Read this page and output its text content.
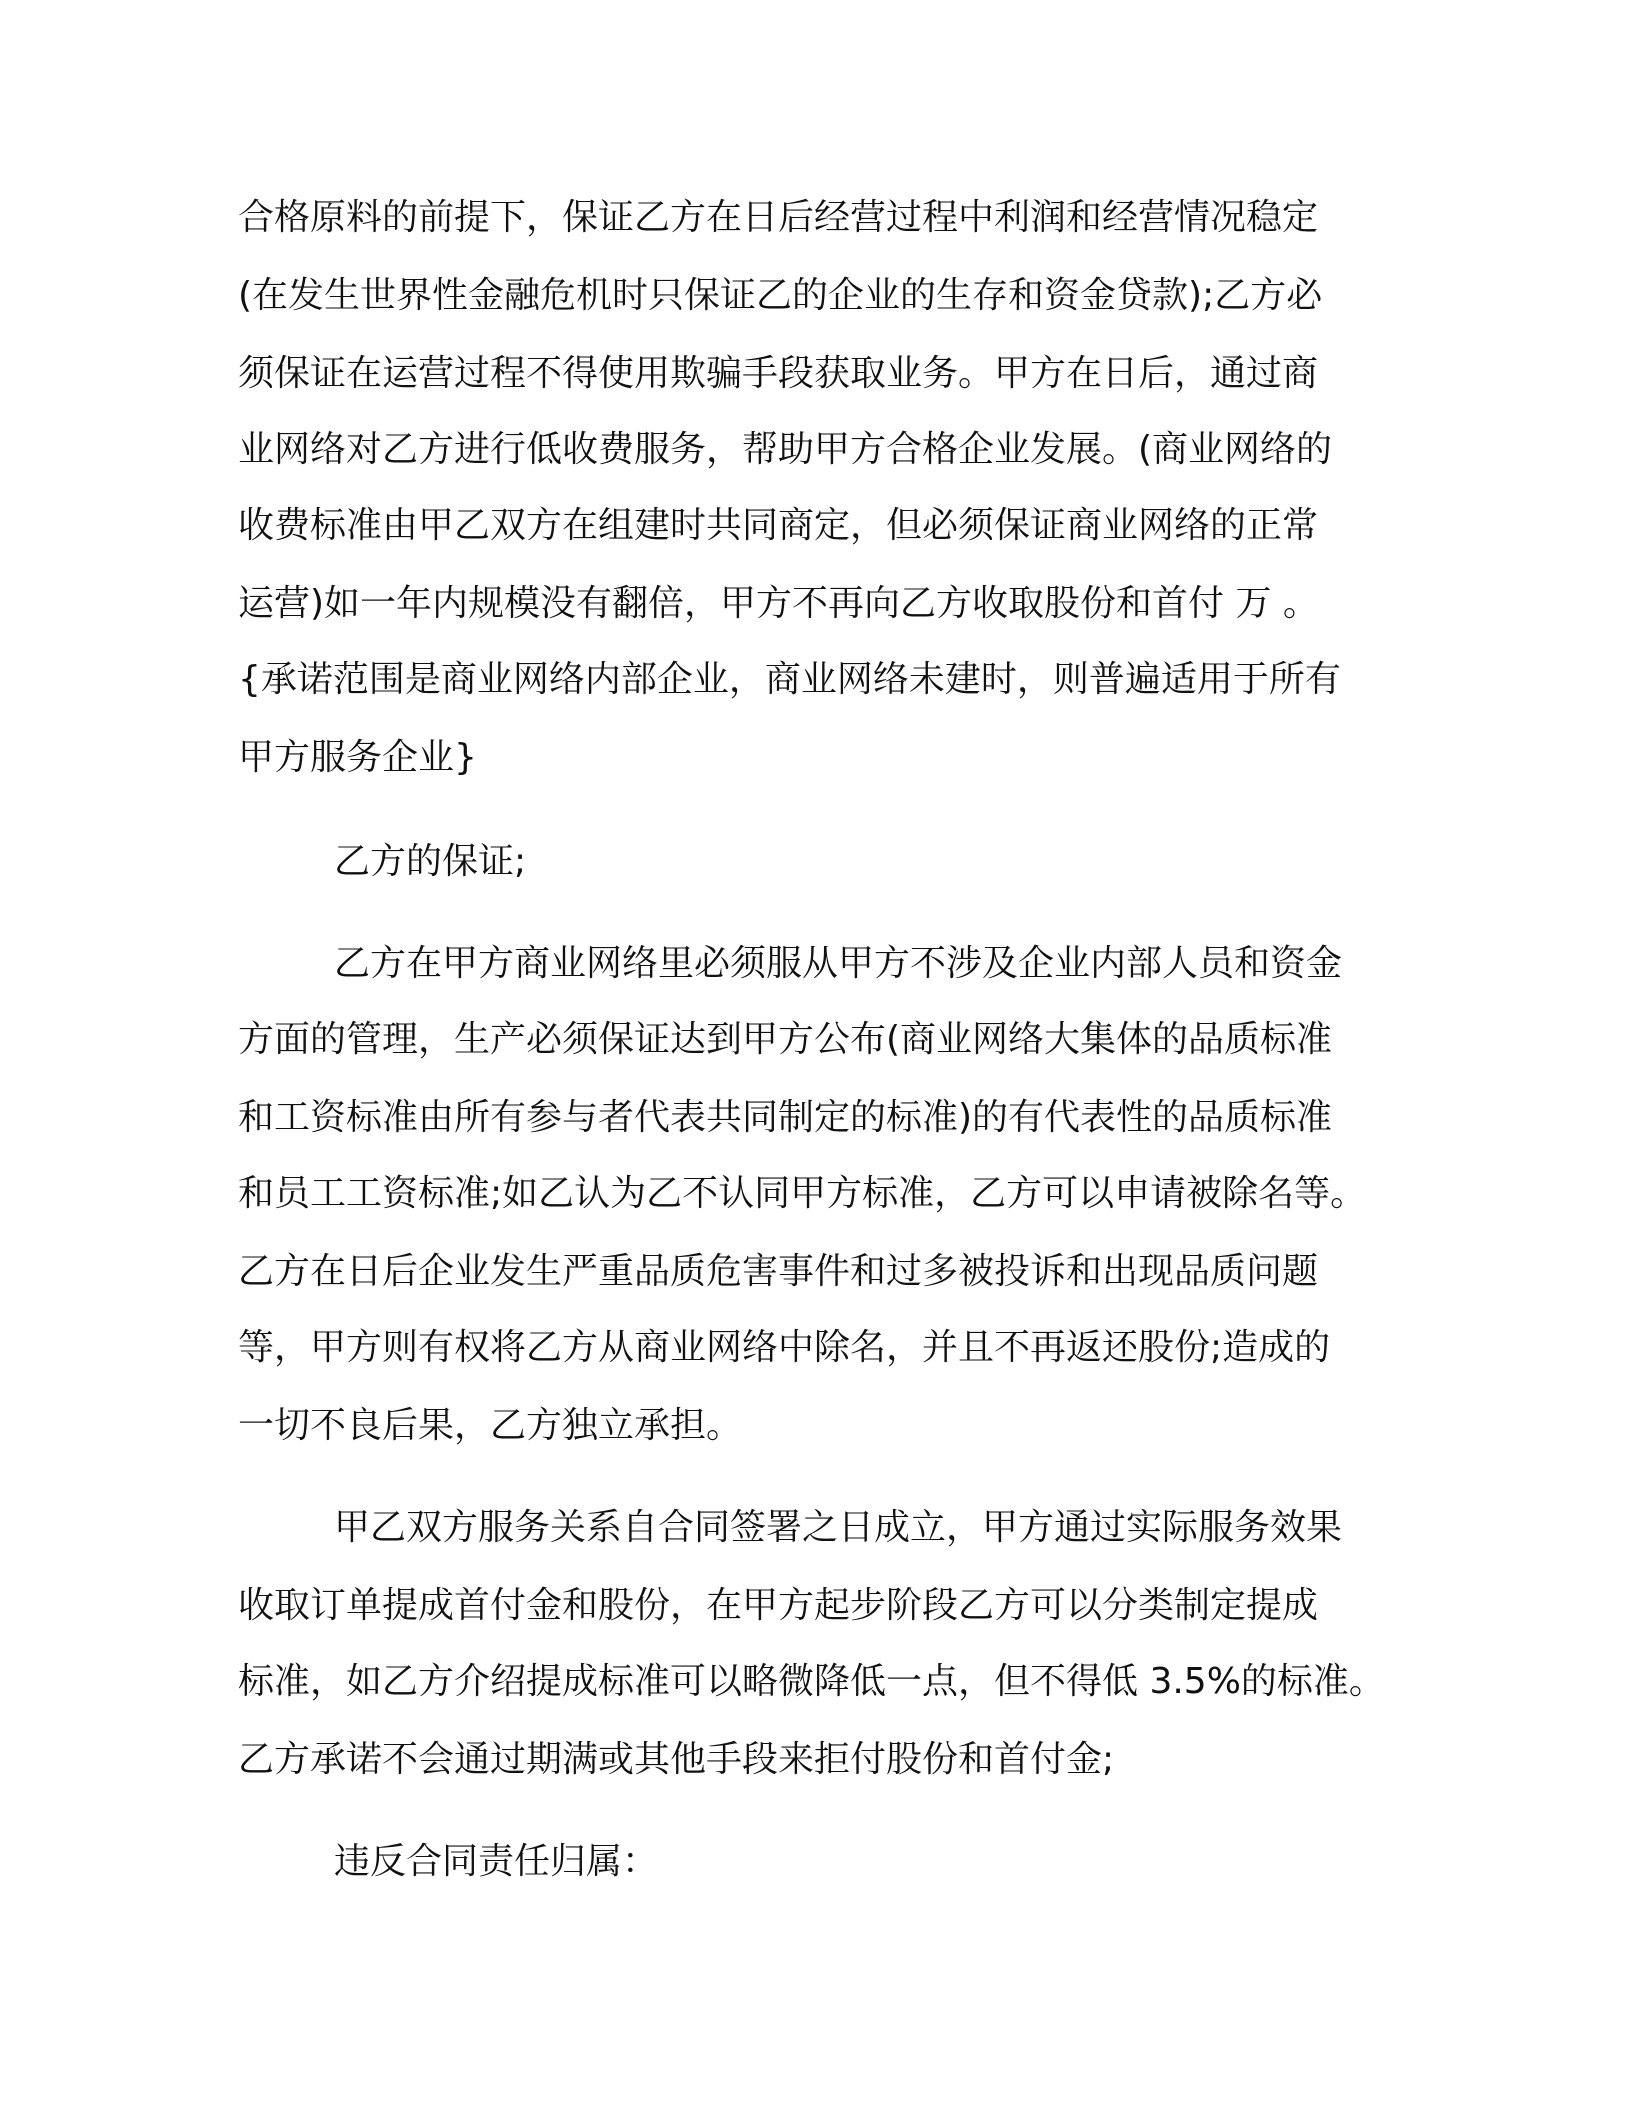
合格原料的前提下，保证乙方在日后经营过程中利润和经营情况稳定
(在发生世界性金融危机时只保证乙的企业的生存和资金贷款);乙方必
须保证在运营过程不得使用欺骗手段获取业务。甲方在日后，通过商
业网络对乙方进行低收费服务，帮助甲方合格企业发展。(商业网络的
收费标准由甲乙双方在组建时共同商定，但必须保证商业网络的正常
运营)如一年内规模没有翻倍，甲方不再向乙方收取股份和首付 万 。
{承诺范围是商业网络内部企业，商业网络未建时，则普遍适用于所有
甲方服务企业}
乙方的保证;
乙方在甲方商业网络里必须服从甲方不涉及企业内部人员和资金
方面的管理，生产必须保证达到甲方公布(商业网络大集体的品质标准
和工资标准由所有参与者代表共同制定的标准)的有代表性的品质标准
和员工工资标准;如乙认为乙不认同甲方标准，乙方可以申请被除名等。
乙方在日后企业发生严重品质危害事件和过多被投诉和出现品质问题
等，甲方则有权将乙方从商业网络中除名，并且不再返还股份;造成的
一切不良后果，乙方独立承担。
甲乙双方服务关系自合同签署之日成立，甲方通过实际服务效果
收取订单提成首付金和股份，在甲方起步阶段乙方可以分类制定提成
标准，如乙方介绍提成标准可以略微降低一点，但不得低 3.5%的标准。
乙方承诺不会通过期满或其他手段来拒付股份和首付金;
违反合同责任归属：
